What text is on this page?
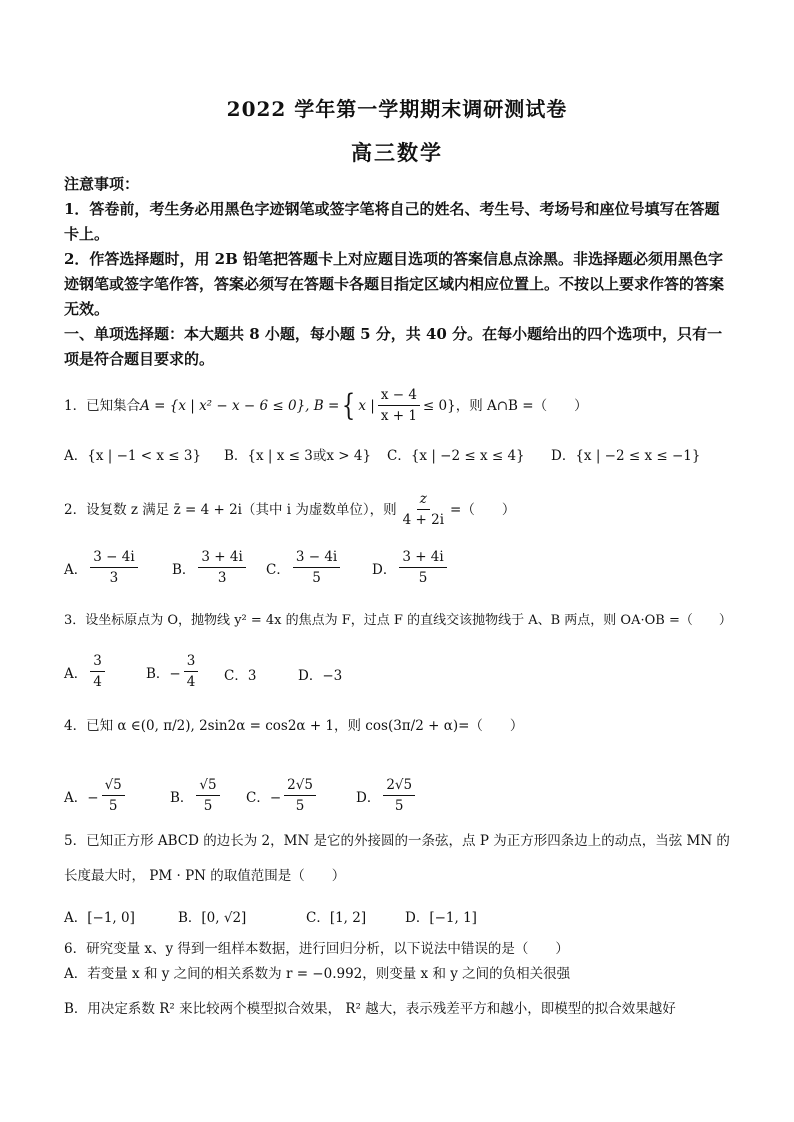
2022 学年第一学期期末调研测试卷
高三数学

注意事项：

1．答卷前，考生务必用黑色字迹钢笔或签字笔将自己的姓名、考生号、考场号和座位号填写在答题卡上。

2．作答选择题时，用 2B 铅笔把答题卡上对应题目选项的答案信息点涂黑。非选择题必须用黑色字迹钢笔或签字笔作答，答案必须写在答题卡各题目指定区域内相应位置上。不按以上要求作答的答案无效。

一、单项选择题：本大题共 8 小题，每小题 5 分，共 40 分。在每小题给出的四个选项中，只有一项是符合题目要求的。

1．已知集合 A = {x | x² − x − 6 ≤ 0}, B = { x | $\frac{x - 4}{x + 1} \le 0$} ，则 A∩B =（　　）
A．{x | −1 < x ≤ 3} B．{x | x ≤ 3或x > 4} C．{x | −2 ≤ x ≤ 4} D．{x | −2 ≤ x ≤ −1}
2．设复数 z 满足 z̄ = 4 + 2i（其中 i 为虚数单位），则 $\frac{z}{4 + 2i}$ =（　　）
A． $\frac{3 - 4i}{3}$	B． $\frac{3 + 4i}{3}$ C． $\frac{3 - 4i}{5}$ D． $\frac{3 + 4i}{5}$
3．设坐标原点为 O，抛物线 y² = 4x 的焦点为 F，过点 F 的直线交该抛物线于 A、B 两点，则 OA·OB =（　　）
A． $\frac{3}{4}$	B．− $\frac{3}{4}$ C．3	D．−3
4．已知 α ∈ (0, π/2) , 2sin2α = cos2α + 1，则 cos (3π/2 + α) =（　　）
A．− $\frac{√5}{5}$	B． $\frac{√5}{5}$ C．− $\frac{2√5}{5}$	D． $\frac{2√5}{5}$
5．已知正方形 ABCD 的边长为 2，MN 是它的外接圆的一条弦，点 P 为正方形四条边上的动点，当弦 MN 的
长度最大时， PM · PN 的取值范围是（　　）
A．[−1, 0]	B．[0, √2]	C．[1, 2]	D．[−1, 1]
6．研究变量 x、y 得到一组样本数据，进行回归分析，以下说法中错误的是（　　）
A．若变量 x 和 y 之间的相关系数为 r = −0.992，则变量 x 和 y 之间的负相关很强
B．用决定系数 R² 来比较两个模型拟合效果， R² 越大，表示残差平方和越小，即模型的拟合效果越好
